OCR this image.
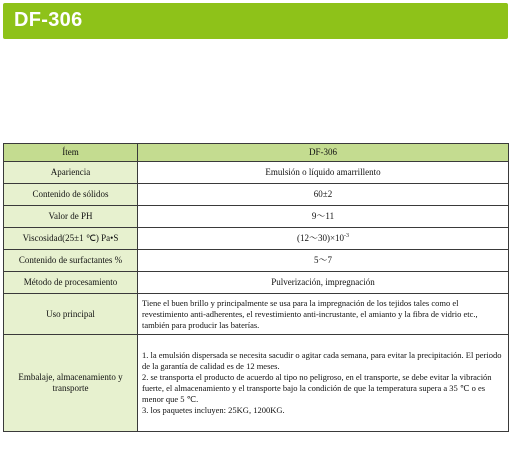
DF-306
Ítem	DF-306
Apariencia	Emulsión o líquido amarrillento
Contenido de sólidos	60±2
Valor de PH	9～11
Viscosidad(25±1 ℃) Pa•S	$(12\sim 30)\times 10^{-3}$
Contenido de surfactantes %	5～7
Método de procesamiento	Pulverización, impregnación
Uso principal	Tiene el buen brillo y principalmente se usa para la impregnación de los tejidos tales como el revestimiento anti-adherentes, el revestimiento anti-incrustante, el amianto y la fibra de vidrio etc., también para producir las baterías.
Embalaje, almacenamiento y transporte	1. la emulsión dispersada se necesita sacudir o agitar cada semana, para evitar la precipitación. El periodo de la garantía de calidad es de 12 meses.

2. se transporta el producto de acuerdo al tipo no peligroso, en el transporte, se debe evitar la vibración fuerte, el almacenamiento y el transporte bajo la condición de que la temperatura supera a 35 ℃ o es menor que 5 ℃.

3. los paquetes incluyen: 25KG, 1200KG.
